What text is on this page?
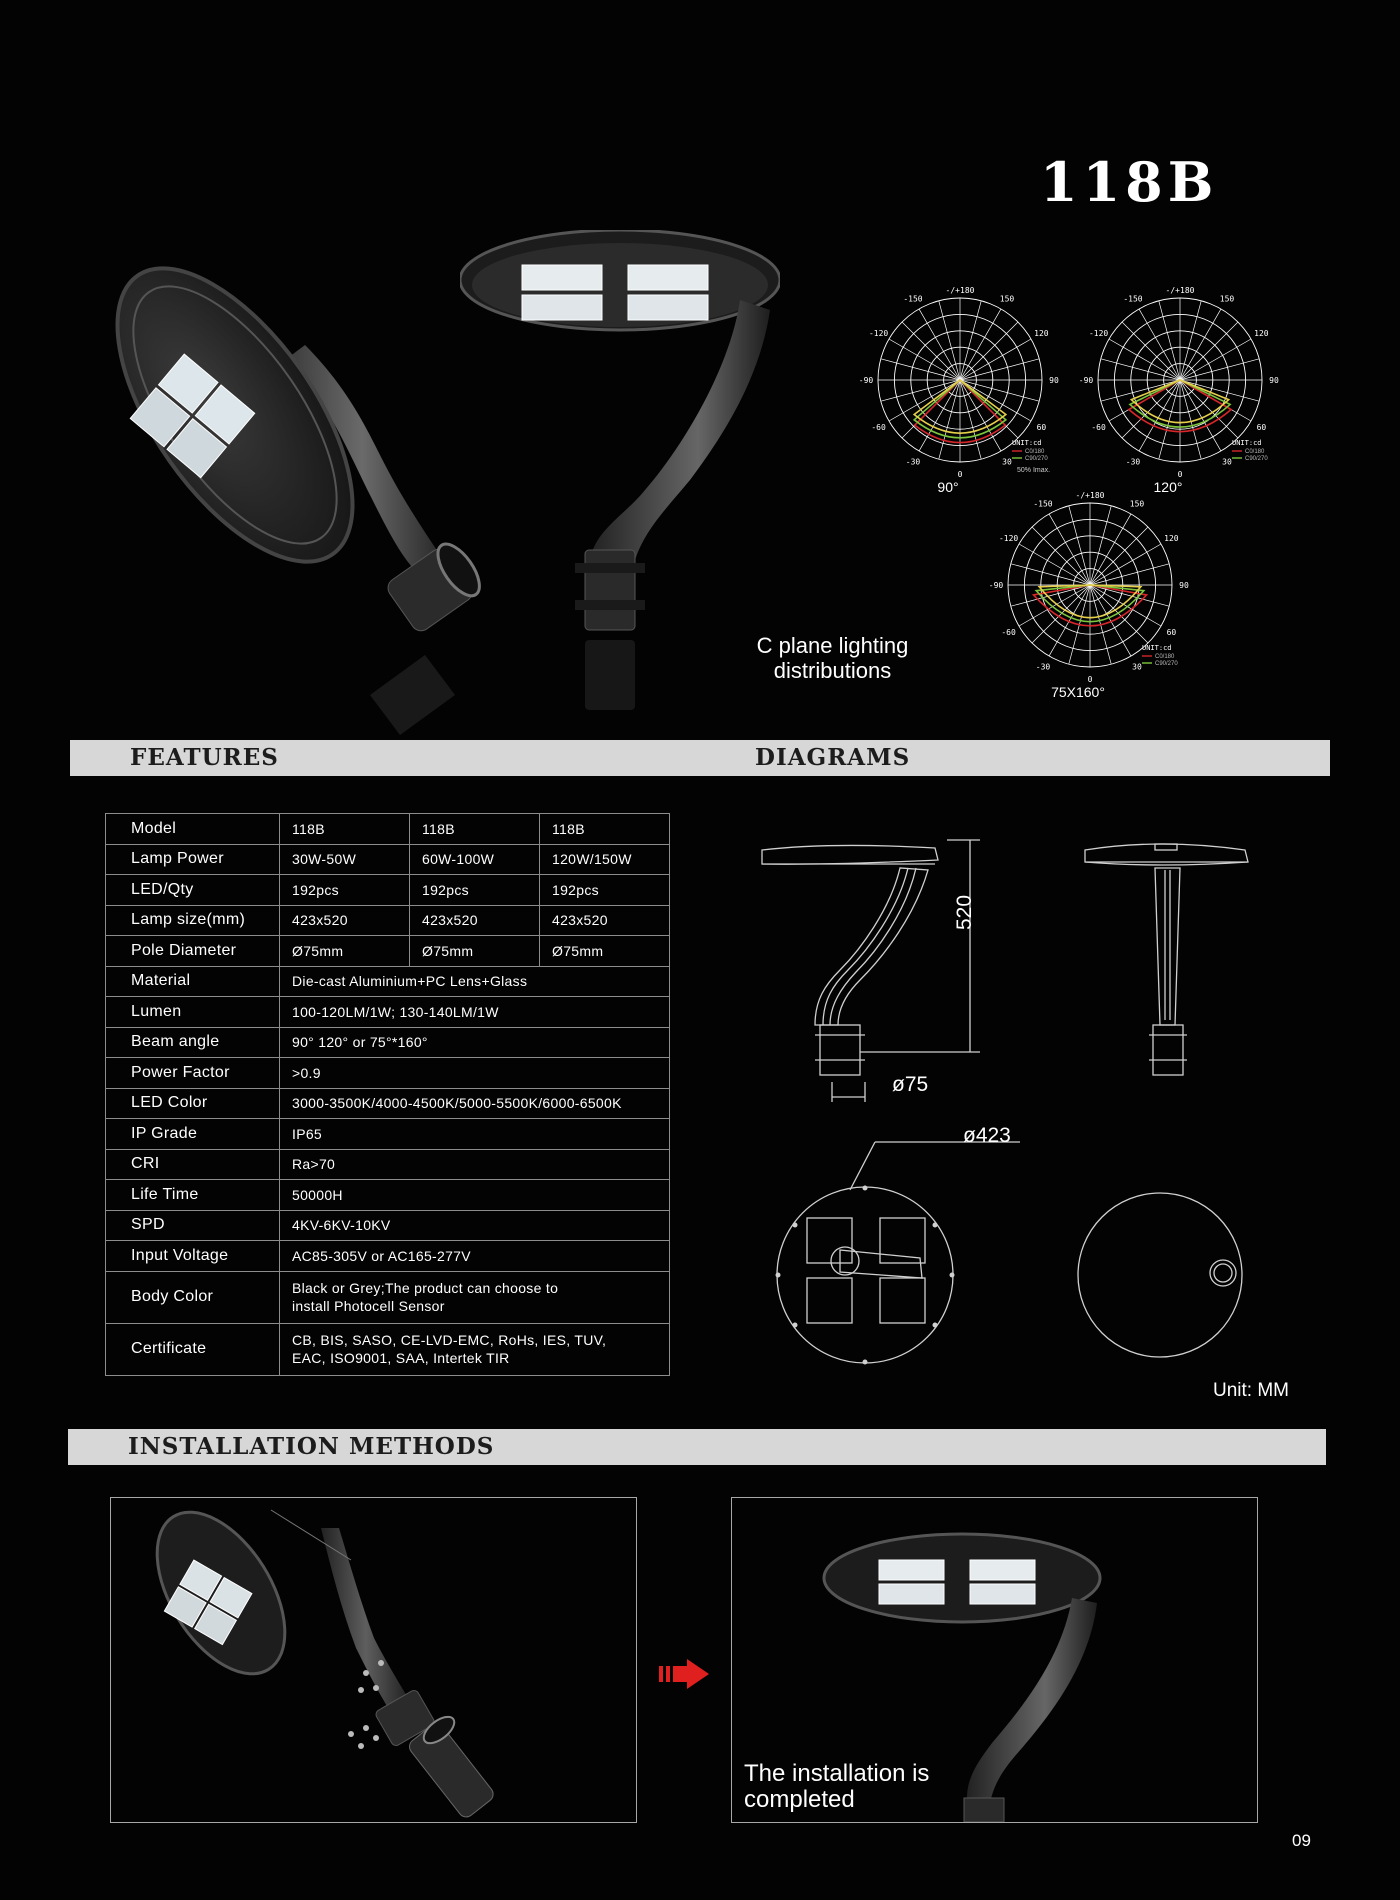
118B
-150	150
-120	120
-90	90
-60	60
-30	30
0
-/+180
UNIT:cd
C0/180
C90/270
50% Imax.
90°
-150	150
-120	120
-90	90
-60	60
-30	30
0
-/+180
UNIT:cd
C0/180
C90/270
120°
-150	150
-120	120
-90	90
-60	60
-30	30
0
-/+180
UNIT:cd
C0/180
C90/270
75X160°
C plane lighting
distributions
FEATURES	DIAGRAMS
Model	118B	118B	118B
Lamp Power	30W-50W	60W-100W	120W/150W
LED/Qty	192pcs	192pcs	192pcs
Lamp size(mm)	423x520	423x520	423x520
Pole Diameter	Ø75mm	Ø75mm	Ø75mm
Material	Die-cast Aluminium+PC Lens+Glass		
Lumen	100-120LM/1W; 130-140LM/1W		
Beam angle	90° 120° or 75°*160°		
Power Factor	>0.9		
LED Color	3000-3500K/4000-4500K/5000-5500K/6000-6500K		
IP Grade	IP65		
CRI	Ra>70		
Life Time	50000H		
SPD	4KV-6KV-10KV		
Input Voltage	AC85-305V or AC165-277V		
Body Color	Black or Grey;The product can choose to
install Photocell Sensor		

Certificate	CB, BIS, SASO, CE-LVD-EMC, RoHs, IES, TUV,
EAC, ISO9001, SAA, Intertek TIR		
520
ø75
ø423
Unit: MM
INSTALLATION METHODS
The installation is
completed
09
